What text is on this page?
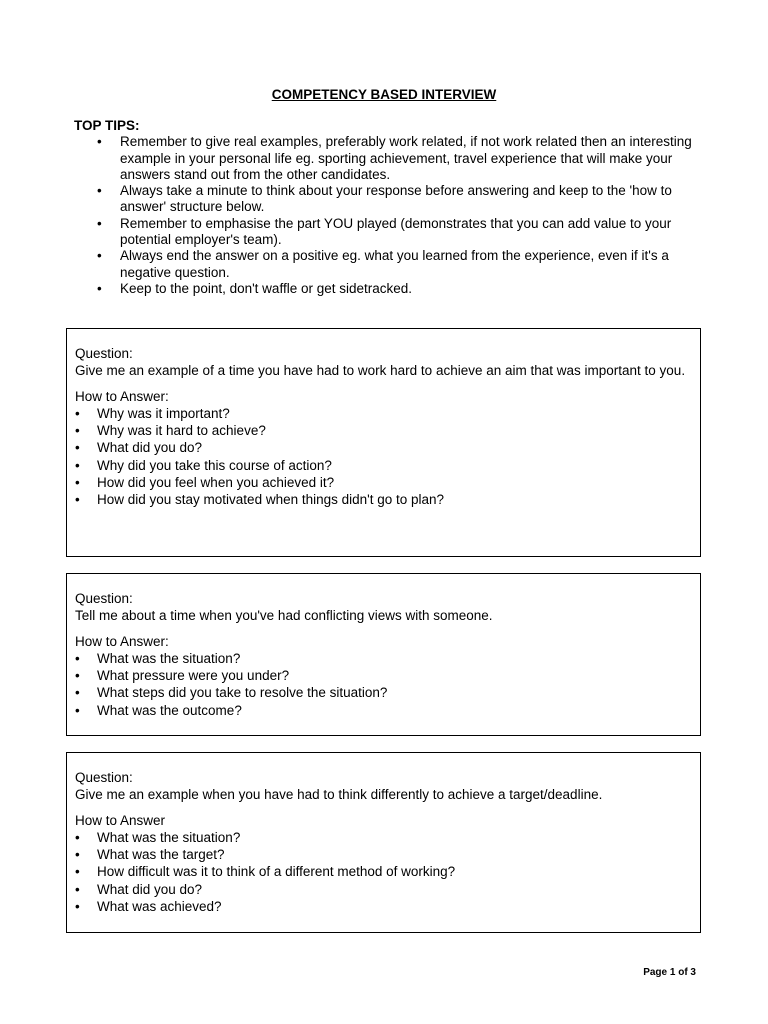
COMPETENCY BASED INTERVIEW
TOP TIPS:
• Remember to give real examples, preferably work related, if not work related then an interesting example in your personal life eg. sporting achievement, travel experience that will make your answers stand out from the other candidates.
• Always take a minute to think about your response before answering and keep to the 'how to answer' structure below.
• Remember to emphasise the part YOU played (demonstrates that you can add value to your potential employer's team).
• Always end the answer on a positive eg. what you learned from the experience, even if it's a negative question.
• Keep to the point, don't waffle or get sidetracked.
Question:
Give me an example of a time you have had to work hard to achieve an aim that was important to you.
How to Answer:
• Why was it important?
• Why was it hard to achieve?
• What did you do?
• Why did you take this course of action?
• How did you feel when you achieved it?
• How did you stay motivated when things didn't go to plan?
Question:
Tell me about a time when you've had conflicting views with someone.
How to Answer:
• What was the situation?
• What pressure were you under?
• What steps did you take to resolve the situation?
• What was the outcome?
Question:
Give me an example when you have had to think differently to achieve a target/deadline.
How to Answer
• What was the situation?
• What was the target?
• How difficult was it to think of a different method of working?
• What did you do?
• What was achieved?
Page 1 of 3
